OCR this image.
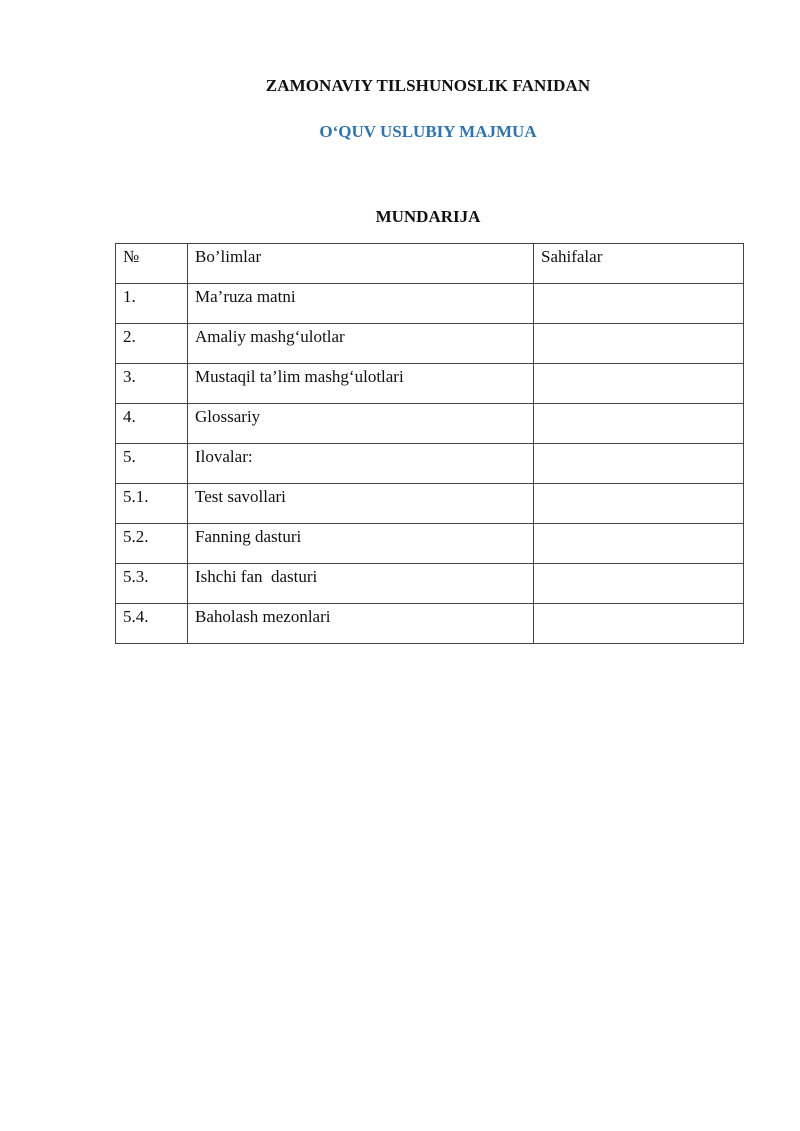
ZAMONAVIY TILSHUNOSLIK FANIDAN
O‘QUV USLUBIY MAJMUA
MUNDARIJA
№	Bo’limlar	Sahifalar
1.	Ma’ruza matni	
2.	Amaliy mashg‘ulotlar	
3.	Mustaqil ta’lim mashg‘ulotlari	
4.	Glossariy	
5.	Ilovalar:	
5.1.	Test savollari	
5.2.	Fanning dasturi	
5.3.	Ishchi fan  dasturi	
5.4.	Baholash mezonlari	
